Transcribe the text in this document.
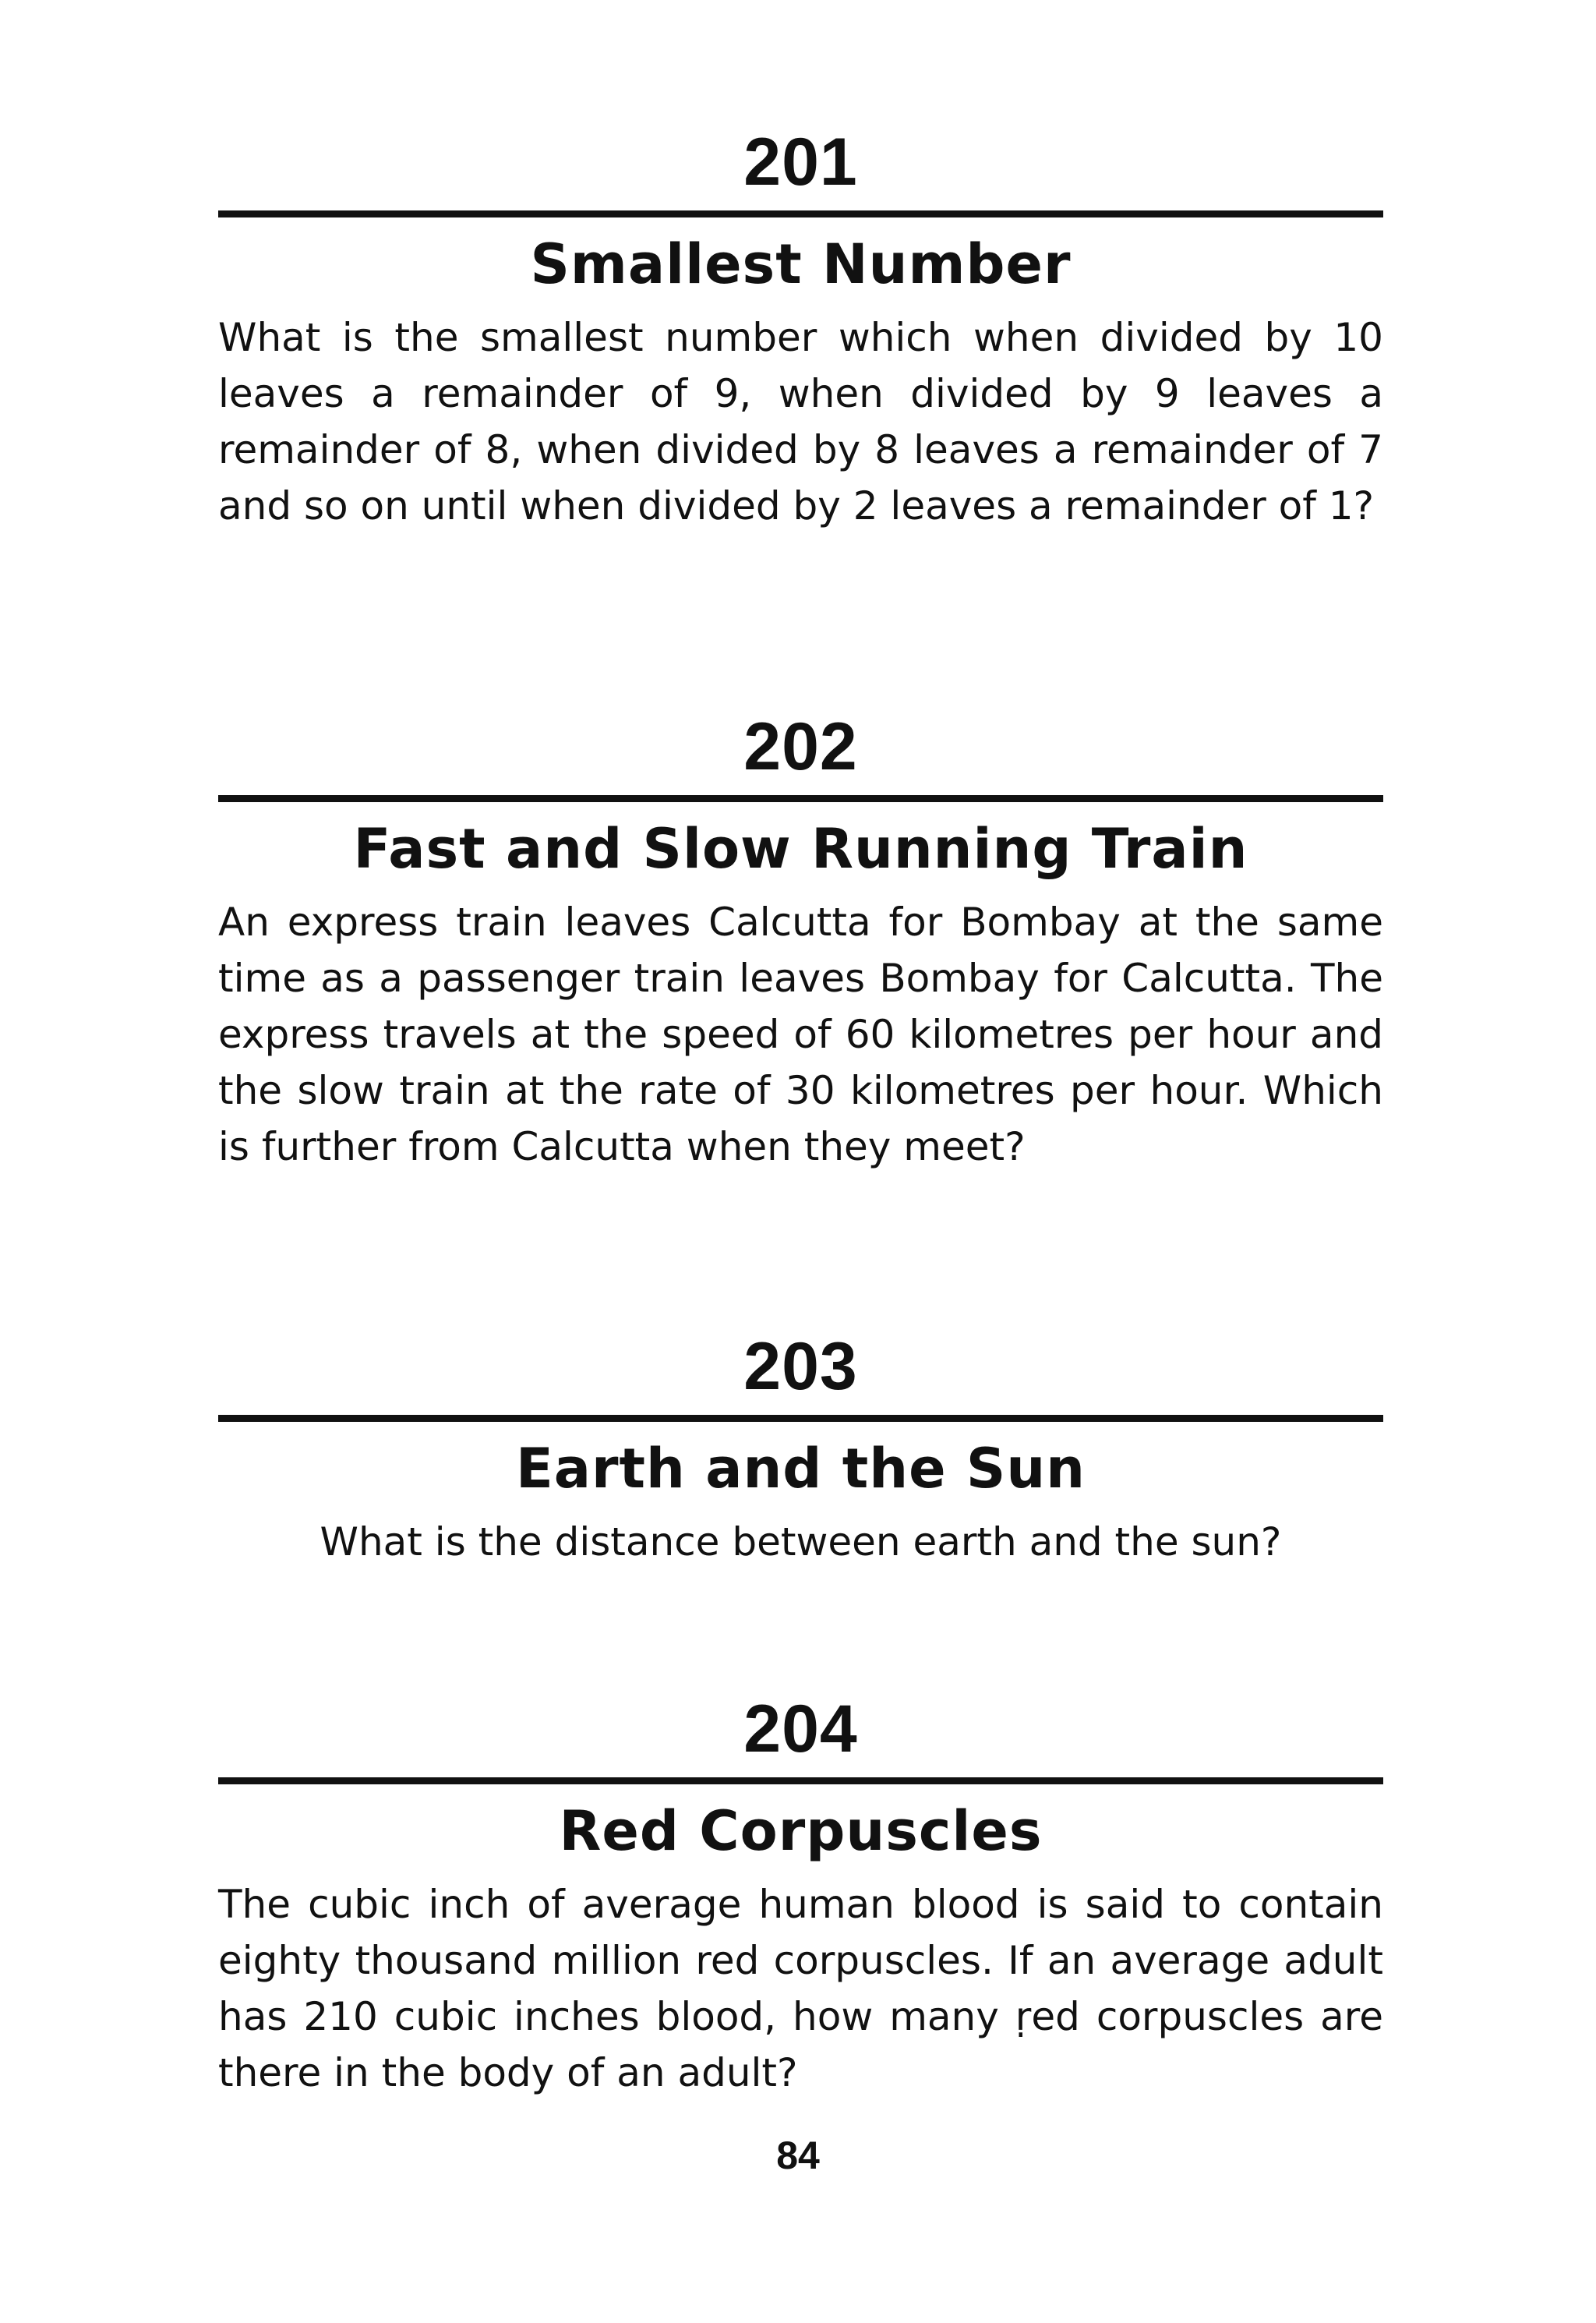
201
Smallest Number
What is the smallest number which when divided by 10 leaves a remainder of 9, when divided by 9 leaves a remainder of 8, when divided by 8 leaves a remainder of 7 and so on until when divided by 2 leaves a remainder of 1?
202
Fast and Slow Running Train
An express train leaves Calcutta for Bombay at the same time as a passenger train leaves Bombay for Calcutta. The express travels at the speed of 60 kilometres per hour and the slow train at the rate of 30 kilometres per hour. Which is further from Calcutta when they meet?
203
Earth and the Sun
What is the distance between earth and the sun?
204
Red Corpuscles
The cubic inch of average human blood is said to contain eighty thousand million red corpuscles. If an average adult has 210 cubic inches blood, how many ṛed corpuscles are there in the body of an adult?
84
